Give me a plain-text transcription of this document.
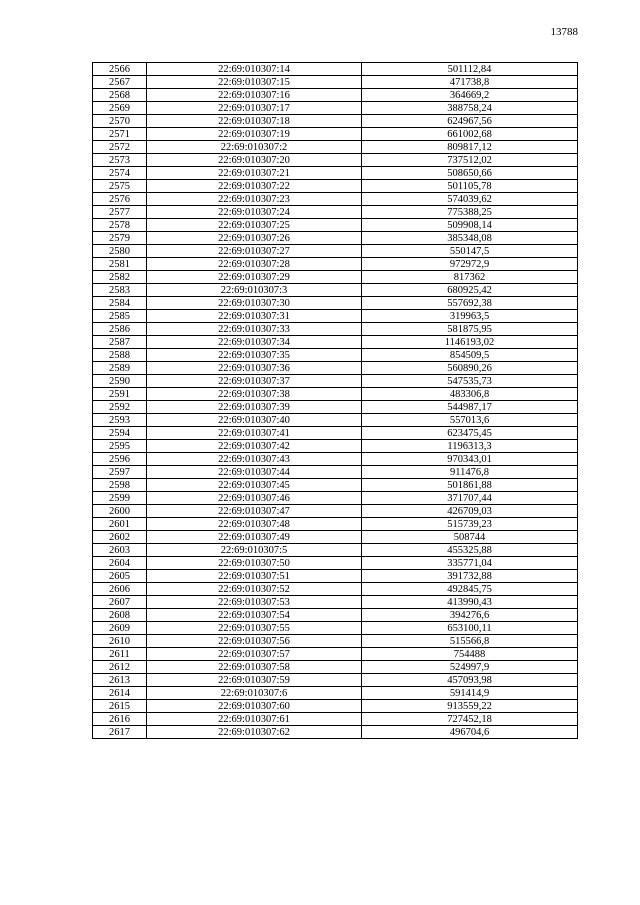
13788
2566	22:69:010307:14	501112,84
2567	22:69:010307:15	471738,8
2568	22:69:010307:16	364669,2
2569	22:69:010307:17	388758,24
2570	22:69:010307:18	624967,56
2571	22:69:010307:19	661002,68
2572	22:69:010307:2	809817,12
2573	22:69:010307:20	737512,02
2574	22:69:010307:21	508650,66
2575	22:69:010307:22	501105,78
2576	22:69:010307:23	574039,62
2577	22:69:010307:24	775388,25
2578	22:69:010307:25	509908,14
2579	22:69:010307:26	385348,08
2580	22:69:010307:27	550147,5
2581	22:69:010307:28	972972,9
2582	22:69:010307:29	817362
2583	22:69:010307:3	680925,42
2584	22:69:010307:30	557692,38
2585	22:69:010307:31	319963,5
2586	22:69:010307:33	581875,95
2587	22:69:010307:34	1146193,02
2588	22:69:010307:35	854509,5
2589	22:69:010307:36	560890,26
2590	22:69:010307:37	547535,73
2591	22:69:010307:38	483306,8
2592	22:69:010307:39	544987,17
2593	22:69:010307:40	557013,6
2594	22:69:010307:41	623475,45
2595	22:69:010307:42	1196313,3
2596	22:69:010307:43	970343,01
2597	22:69:010307:44	911476,8
2598	22:69:010307:45	501861,88
2599	22:69:010307:46	371707,44
2600	22:69:010307:47	426709,03
2601	22:69:010307:48	515739,23
2602	22:69:010307:49	508744
2603	22:69:010307:5	455325,88
2604	22:69:010307:50	335771,04
2605	22:69:010307:51	391732,88
2606	22:69:010307:52	492845,75
2607	22:69:010307:53	413990,43
2608	22:69:010307:54	394276,6
2609	22:69:010307:55	653100,11
2610	22:69:010307:56	515566,8
2611	22:69:010307:57	754488
2612	22:69:010307:58	524997,9
2613	22:69:010307:59	457093,98
2614	22:69:010307:6	591414,9
2615	22:69:010307:60	913559,22
2616	22:69:010307:61	727452,18
2617	22:69:010307:62	496704,6
